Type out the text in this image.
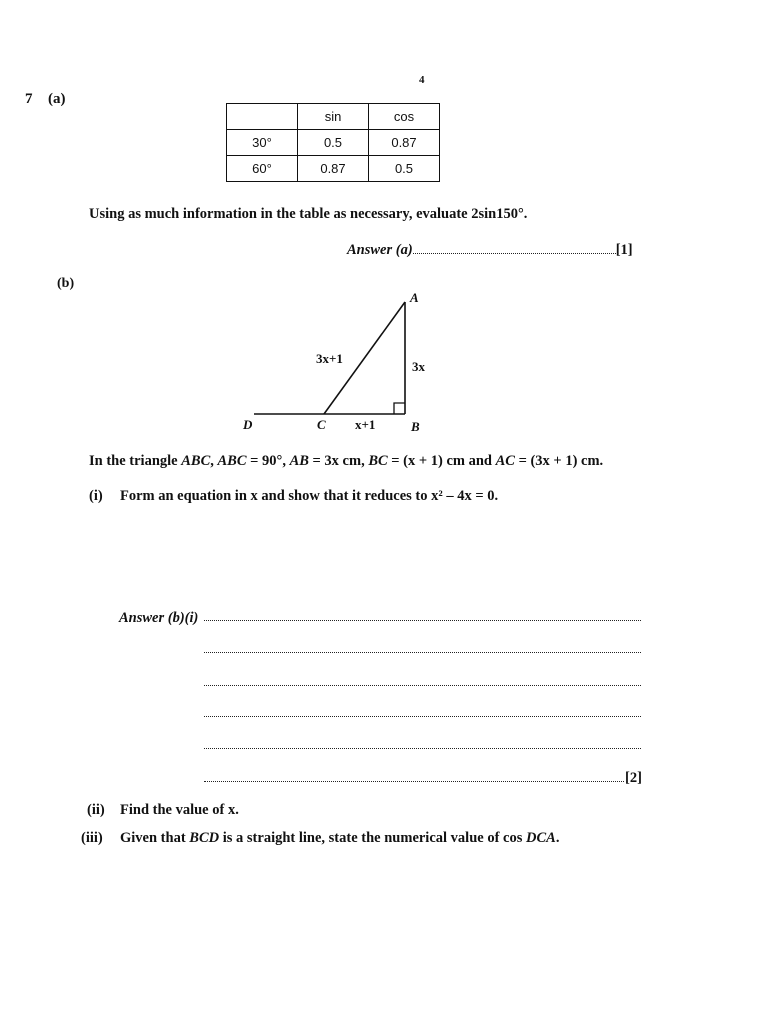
4
7 (a)
	sin	cos
30°	0.5	0.87
60°	0.87	0.5
Using as much information in the table as necessary, evaluate 2sin150°.
Answer (a)	[1]
(b)
A
B
C
D
3x+1
3x
x+1
In the triangle ABC, ABC = 90°, AB = 3x cm, BC = (x + 1) cm and AC = (3x + 1) cm.
(i) Form an equation in x and show that it reduces to x² – 4x = 0.
Answer (b)(i)
[2]
(ii) Find the value of x.
(iii) Given that BCD is a straight line, state the numerical value of cos DCA.
